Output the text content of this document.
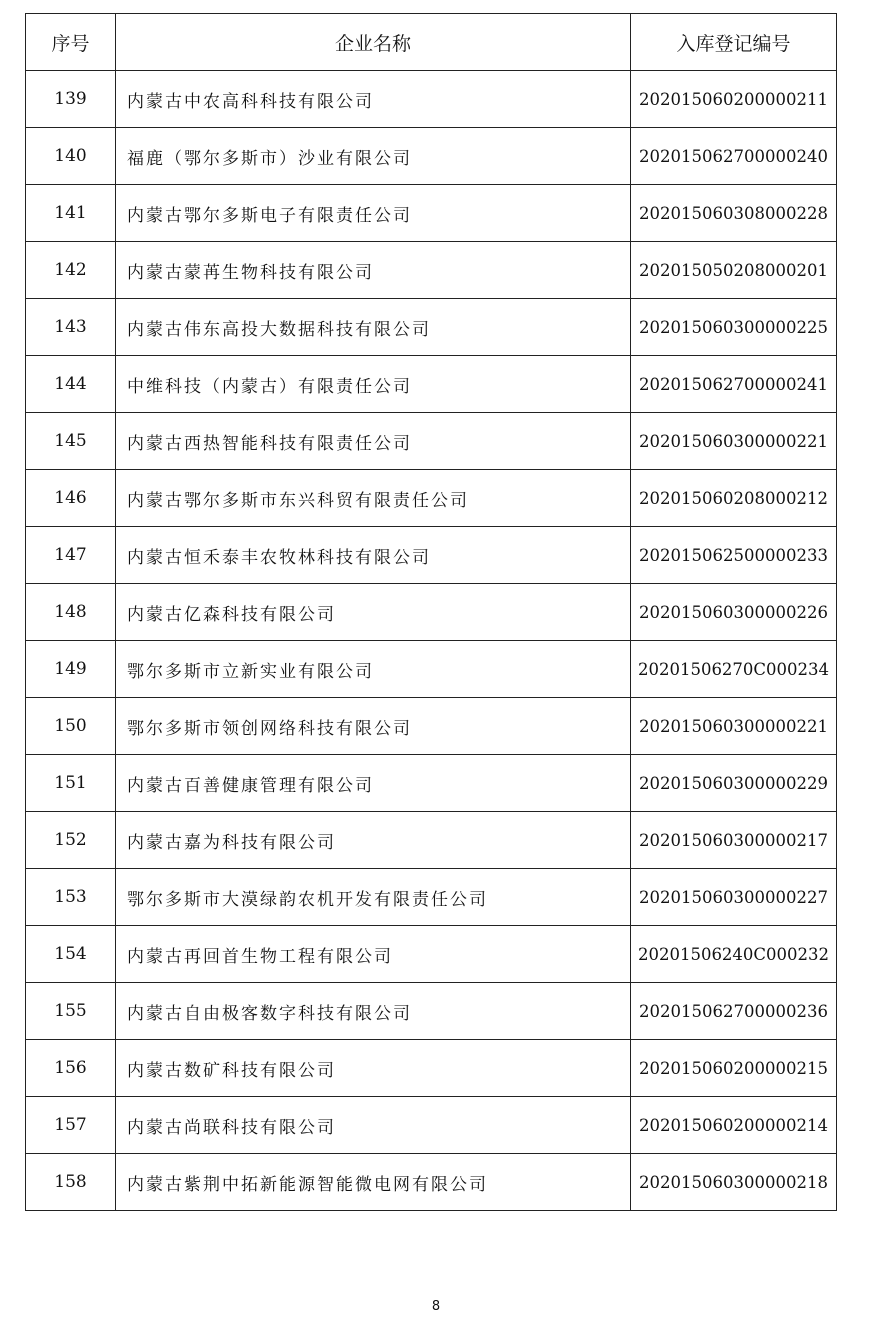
序号	企业名称	入库登记编号
139	内蒙古中农高科科技有限公司	202015060200000211
140	福鹿（鄂尔多斯市）沙业有限公司	202015062700000240
141	内蒙古鄂尔多斯电子有限责任公司	202015060308000228
142	内蒙古蒙苒生物科技有限公司	202015050208000201
143	内蒙古伟东高投大数据科技有限公司	202015060300000225
144	中维科技（内蒙古）有限责任公司	202015062700000241
145	内蒙古西热智能科技有限责任公司	202015060300000221
146	内蒙古鄂尔多斯市东兴科贸有限责任公司	202015060208000212
147	内蒙古恒禾泰丰农牧林科技有限公司	202015062500000233
148	内蒙古亿森科技有限公司	202015060300000226
149	鄂尔多斯市立新实业有限公司	20201506270C000234
150	鄂尔多斯市领创网络科技有限公司	202015060300000221
151	内蒙古百善健康管理有限公司	202015060300000229
152	内蒙古嘉为科技有限公司	202015060300000217
153	鄂尔多斯市大漠绿韵农机开发有限责任公司	202015060300000227
154	内蒙古再回首生物工程有限公司	20201506240C000232
155	内蒙古自由极客数字科技有限公司	202015062700000236
156	内蒙古数矿科技有限公司	202015060200000215
157	内蒙古尚联科技有限公司	202015060200000214
158	内蒙古紫荆中拓新能源智能微电网有限公司	202015060300000218
8
